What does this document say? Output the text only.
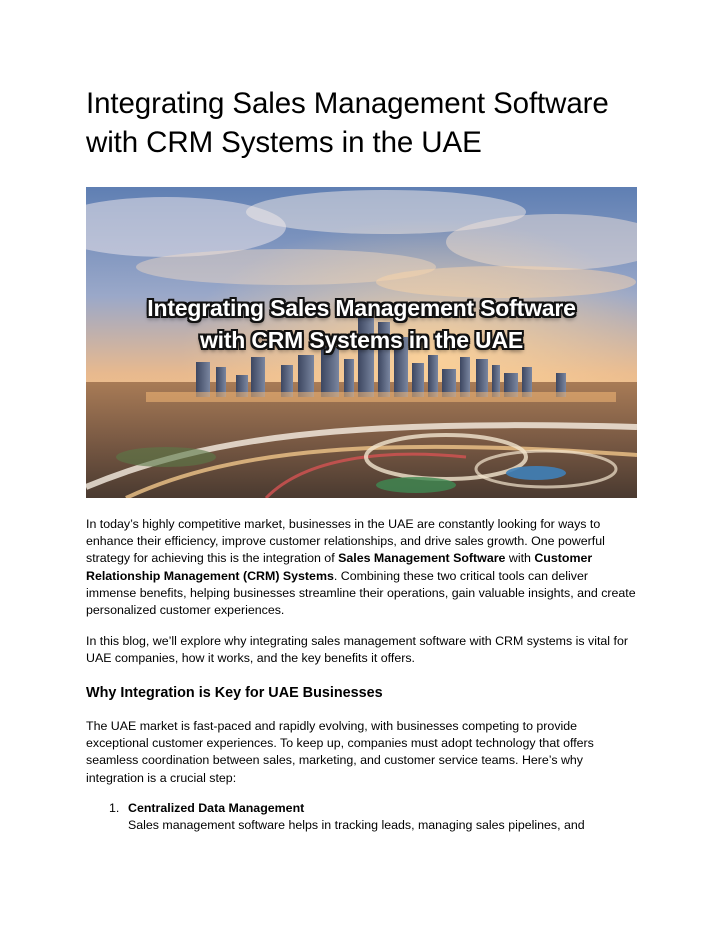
Integrating Sales Management Software
with CRM Systems in the UAE
Integrating Sales Management Software
with CRM Systems in the UAE

In today’s highly competitive market, businesses in the UAE are constantly looking for ways to enhance their efficiency, improve customer relationships, and drive sales growth. One powerful strategy for achieving this is the integration of Sales Management Software with Customer Relationship Management (CRM) Systems. Combining these two critical tools can deliver immense benefits, helping businesses streamline their operations, gain valuable insights, and create personalized customer experiences.

In this blog, we’ll explore why integrating sales management software with CRM systems is vital for UAE companies, how it works, and the key benefits it offers.

Why Integration is Key for UAE Businesses

The UAE market is fast-paced and rapidly evolving, with businesses competing to provide exceptional customer experiences. To keep up, companies must adopt technology that offers seamless coordination between sales, marketing, and customer service teams. Here’s why integration is a crucial step:

1. Centralized Data Management
Sales management software helps in tracking leads, managing sales pipelines, and
